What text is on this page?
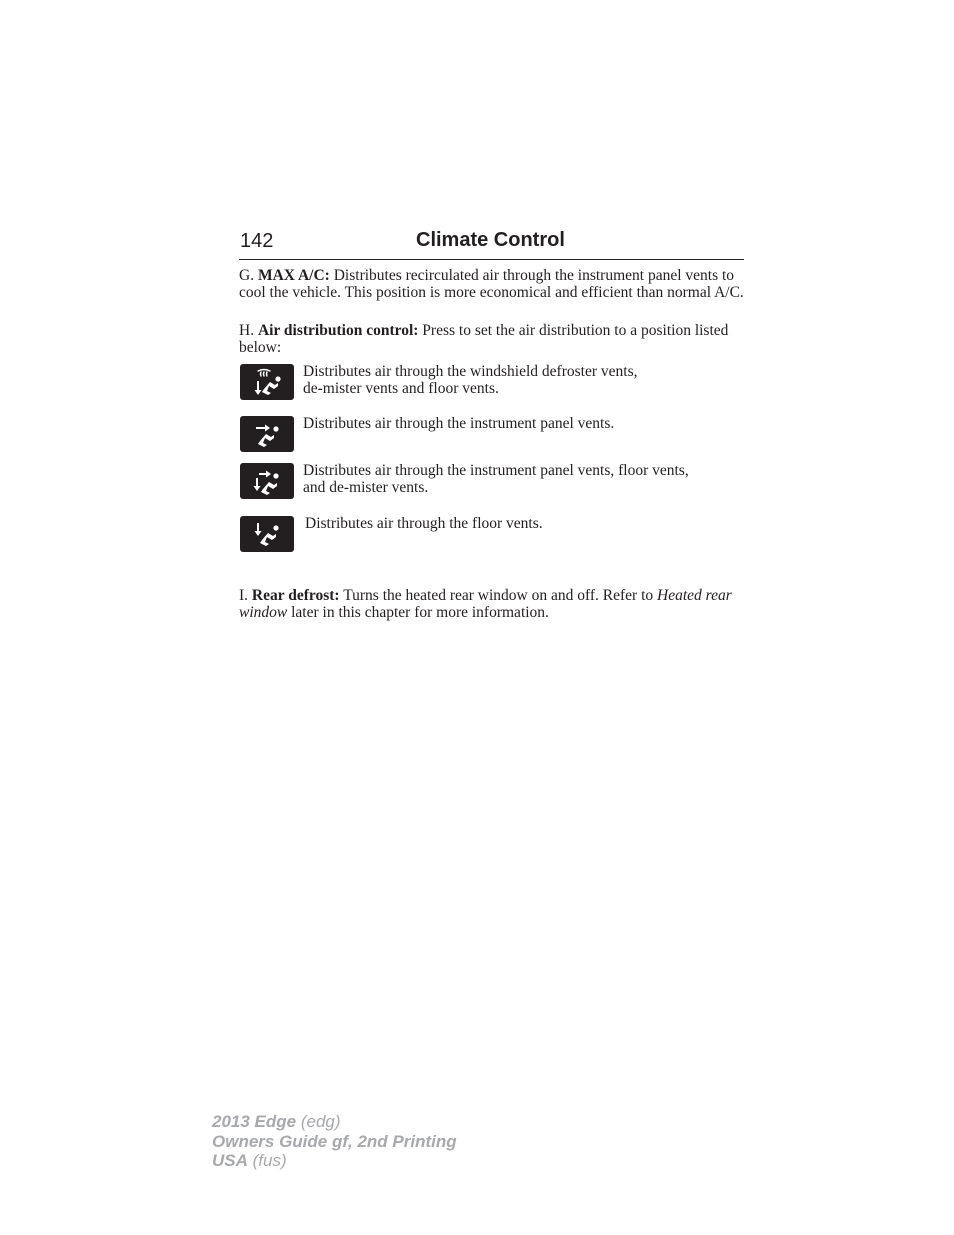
142	Climate Control

G. MAX A/C: Distributes recirculated air through the instrument panel vents to cool the vehicle. This position is more economical and efficient than normal A/C.

H. Air distribution control: Press to set the air distribution to a position listed below:

Distributes air through the windshield defroster vents,
de-mister vents and floor vents.
Distributes air through the instrument panel vents.
Distributes air through the instrument panel vents, floor vents,
and de-mister vents.
Distributes air through the floor vents.

I. Rear defrost: Turns the heated rear window on and off. Refer to Heated rear window later in this chapter for more information.

2013 Edge (edg)
Owners Guide gf, 2nd Printing
USA (fus)
